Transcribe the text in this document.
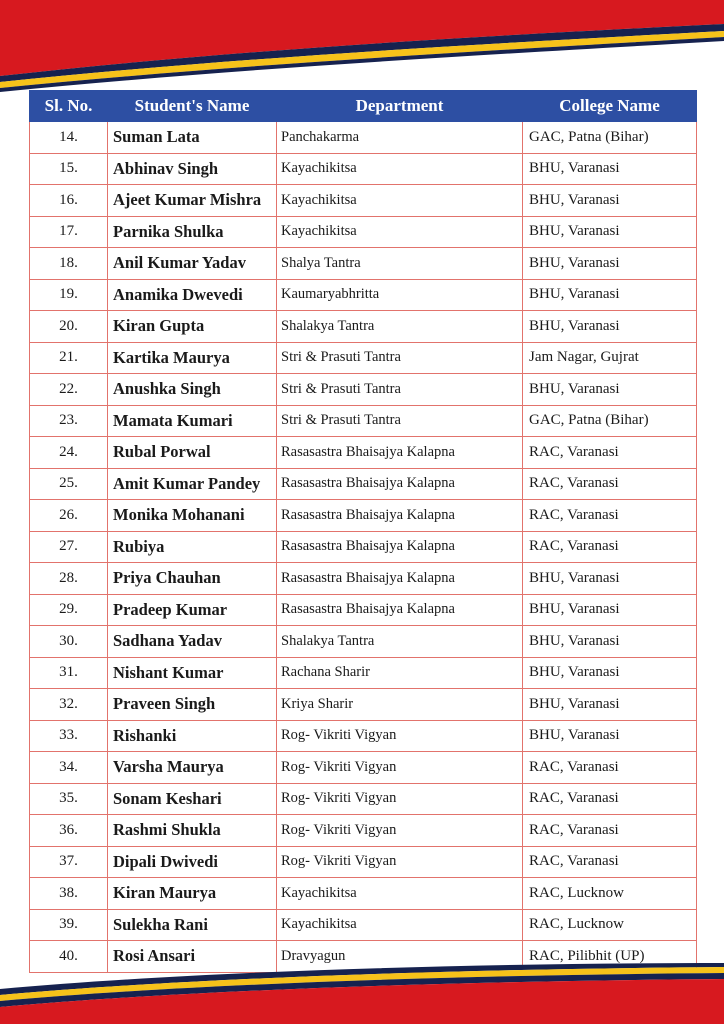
Sl. No.	Student's Name	Department	College Name
14.	Suman Lata	Panchakarma	GAC, Patna (Bihar)
15.	Abhinav Singh	Kayachikitsa	BHU, Varanasi
16.	Ajeet Kumar Mishra	Kayachikitsa	BHU, Varanasi
17.	Parnika Shulka	Kayachikitsa	BHU, Varanasi
18.	Anil Kumar Yadav	Shalya Tantra	BHU, Varanasi
19.	Anamika Dwevedi	Kaumaryabhritta	BHU, Varanasi
20.	Kiran Gupta	Shalakya Tantra	BHU, Varanasi
21.	Kartika Maurya	Stri & Prasuti Tantra	Jam Nagar, Gujrat
22.	Anushka Singh	Stri & Prasuti Tantra	BHU, Varanasi
23.	Mamata Kumari	Stri & Prasuti Tantra	GAC, Patna (Bihar)
24.	Rubal Porwal	Rasasastra Bhaisajya Kalapna	RAC, Varanasi
25.	Amit Kumar Pandey	Rasasastra Bhaisajya Kalapna	RAC, Varanasi
26.	Monika Mohanani	Rasasastra Bhaisajya Kalapna	RAC, Varanasi
27.	Rubiya	Rasasastra Bhaisajya Kalapna	RAC, Varanasi
28.	Priya Chauhan	Rasasastra Bhaisajya Kalapna	BHU, Varanasi
29.	Pradeep Kumar	Rasasastra Bhaisajya Kalapna	BHU, Varanasi
30.	Sadhana Yadav	Shalakya Tantra	BHU, Varanasi
31.	Nishant Kumar	Rachana Sharir	BHU, Varanasi
32.	Praveen Singh	Kriya Sharir	BHU, Varanasi
33.	Rishanki	Rog- Vikriti Vigyan	BHU, Varanasi
34.	Varsha Maurya	Rog- Vikriti Vigyan	RAC, Varanasi
35.	Sonam Keshari	Rog- Vikriti Vigyan	RAC, Varanasi
36.	Rashmi Shukla	Rog- Vikriti Vigyan	RAC, Varanasi
37.	Dipali Dwivedi	Rog- Vikriti Vigyan	RAC, Varanasi
38.	Kiran Maurya	Kayachikitsa	RAC, Lucknow
39.	Sulekha Rani	Kayachikitsa	RAC, Lucknow
40.	Rosi Ansari	Dravyagun	RAC, Pilibhit (UP)
